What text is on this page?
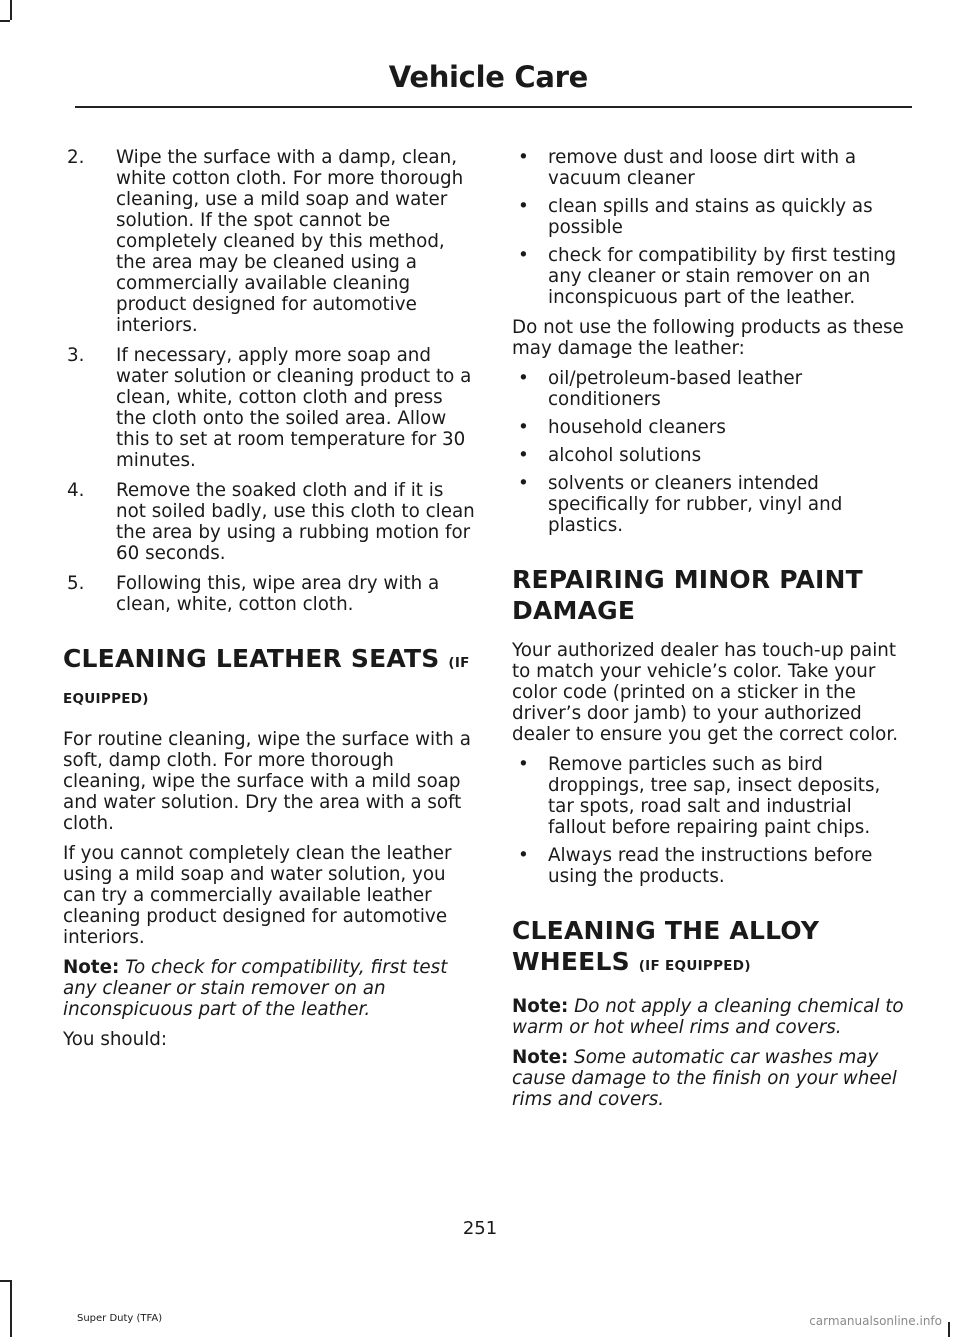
Vehicle Care
2. Wipe the surface with a damp, clean, white cotton cloth. For more thorough cleaning, use a mild soap and water solution. If the spot cannot be completely cleaned by this method, the area may be cleaned using a commercially available cleaning product designed for automotive interiors.
3. If necessary, apply more soap and water solution or cleaning product to a clean, white, cotton cloth and press the cloth onto the soiled area. Allow this to set at room temperature for 30 minutes.
4. Remove the soaked cloth and if it is not soiled badly, use this cloth to clean the area by using a rubbing motion for 60 seconds.
5. Following this, wipe area dry with a clean, white, cotton cloth.
CLEANING LEATHER SEATS (IF EQUIPPED)

For routine cleaning, wipe the surface with a soft, damp cloth. For more thorough cleaning, wipe the surface with a mild soap and water solution. Dry the area with a soft cloth.

If you cannot completely clean the leather using a mild soap and water solution, you can try a commercially available leather cleaning product designed for automotive interiors.

Note: To check for compatibility, first test any cleaner or stain remover on an inconspicuous part of the leather.

You should:

• remove dust and loose dirt with a vacuum cleaner
• clean spills and stains as quickly as possible
• check for compatibility by first testing any cleaner or stain remover on an inconspicuous part of the leather.

Do not use the following products as these may damage the leather:

• oil/petroleum-based leather conditioners
• household cleaners
• alcohol solutions
• solvents or cleaners intended specifically for rubber, vinyl and plastics.
REPAIRING MINOR PAINT DAMAGE

Your authorized dealer has touch-up paint to match your vehicle’s color. Take your color code (printed on a sticker in the driver’s door jamb) to your authorized dealer to ensure you get the correct color.

• Remove particles such as bird droppings, tree sap, insect deposits, tar spots, road salt and industrial fallout before repairing paint chips.
• Always read the instructions before using the products.
CLEANING THE ALLOY WHEELS (IF EQUIPPED)

Note: Do not apply a cleaning chemical to warm or hot wheel rims and covers.

Note: Some automatic car washes may cause damage to the finish on your wheel rims and covers.

251
Super Duty (TFA)	carmanualsonline.info
